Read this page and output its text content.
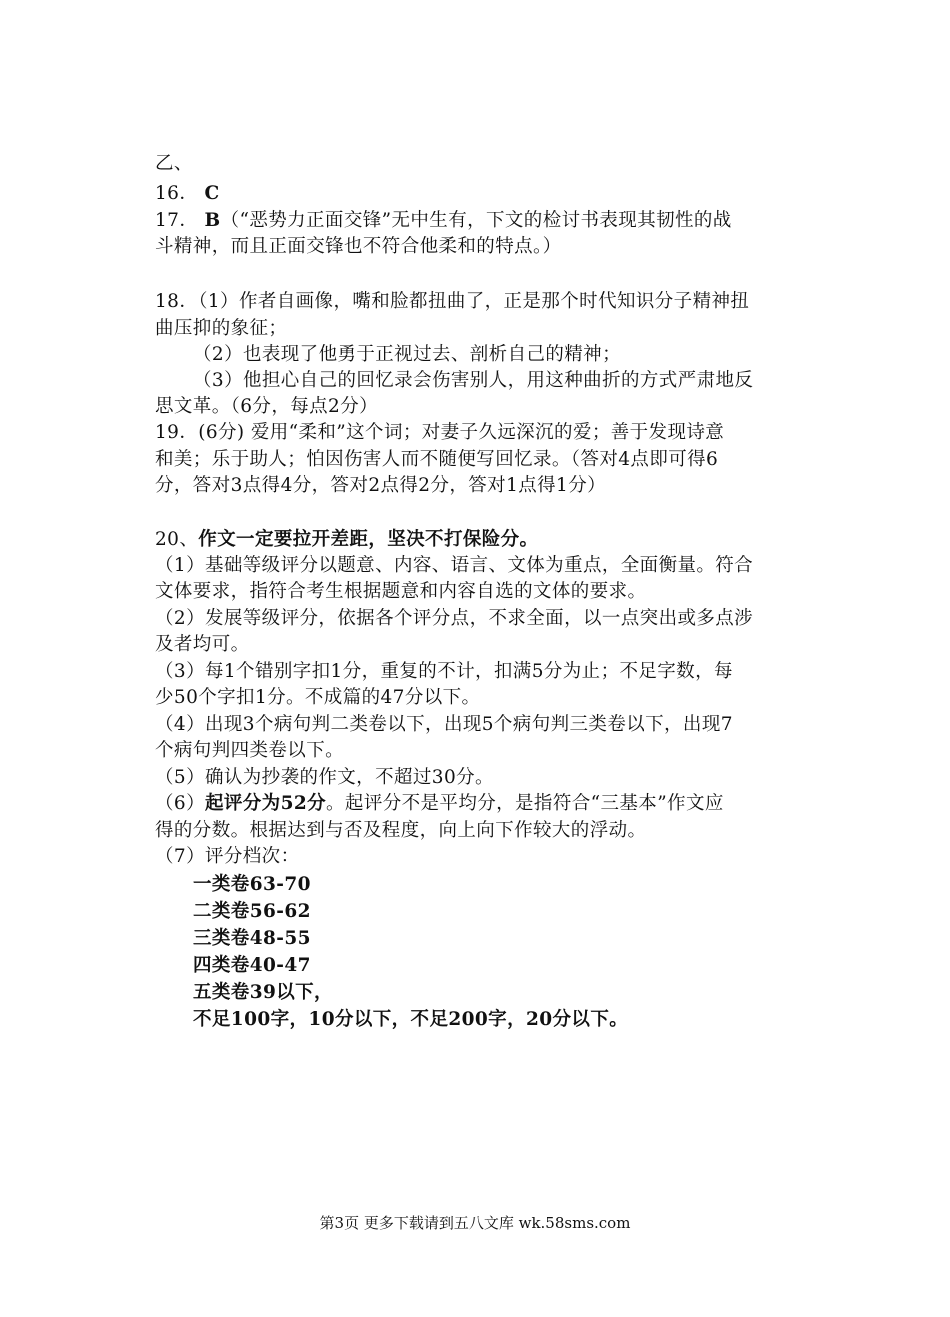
乙、
16． C
17． B（“恶势力正面交锋”无中生有，下文的检讨书表现其韧性的战
斗精神，而且正面交锋也不符合他柔和的特点。）
18．（1）作者自画像，嘴和脸都扭曲了，正是那个时代知识分子精神扭
曲压抑的象征；
（2）也表现了他勇于正视过去、剖析自己的精神；
（3）他担心自己的回忆录会伤害别人，用这种曲折的方式严肃地反
思文革。（6分，每点2分）
19．(6分) 爱用“柔和”这个词；对妻子久远深沉的爱；善于发现诗意
和美；乐于助人；怕因伤害人而不随便写回忆录。（答对4点即可得6
分，答对3点得4分，答对2点得2分，答对1点得1分）
20、作文一定要拉开差距，坚决不打保险分。
（1）基础等级评分以题意、内容、语言、文体为重点，全面衡量。符合
文体要求，指符合考生根据题意和内容自选的文体的要求。
（2）发展等级评分，依据各个评分点，不求全面，以一点突出或多点涉
及者均可。
（3）每1个错别字扣1分，重复的不计，扣满5分为止；不足字数，每
少50个字扣1分。不成篇的47分以下。
（4）出现3个病句判二类卷以下，出现5个病句判三类卷以下，出现7
个病句判四类卷以下。
（5）确认为抄袭的作文，不超过30分。
（6）起评分为52分。起评分不是平均分，是指符合“三基本”作文应
得的分数。根据达到与否及程度，向上向下作较大的浮动。
（7）评分档次：
一类卷63-70
二类卷56-62
三类卷48-55
四类卷40-47
五类卷39以下，
不足100字，10分以下，不足200字，20分以下。
第3页 更多下载请到五八文库 wk.58sms.com
